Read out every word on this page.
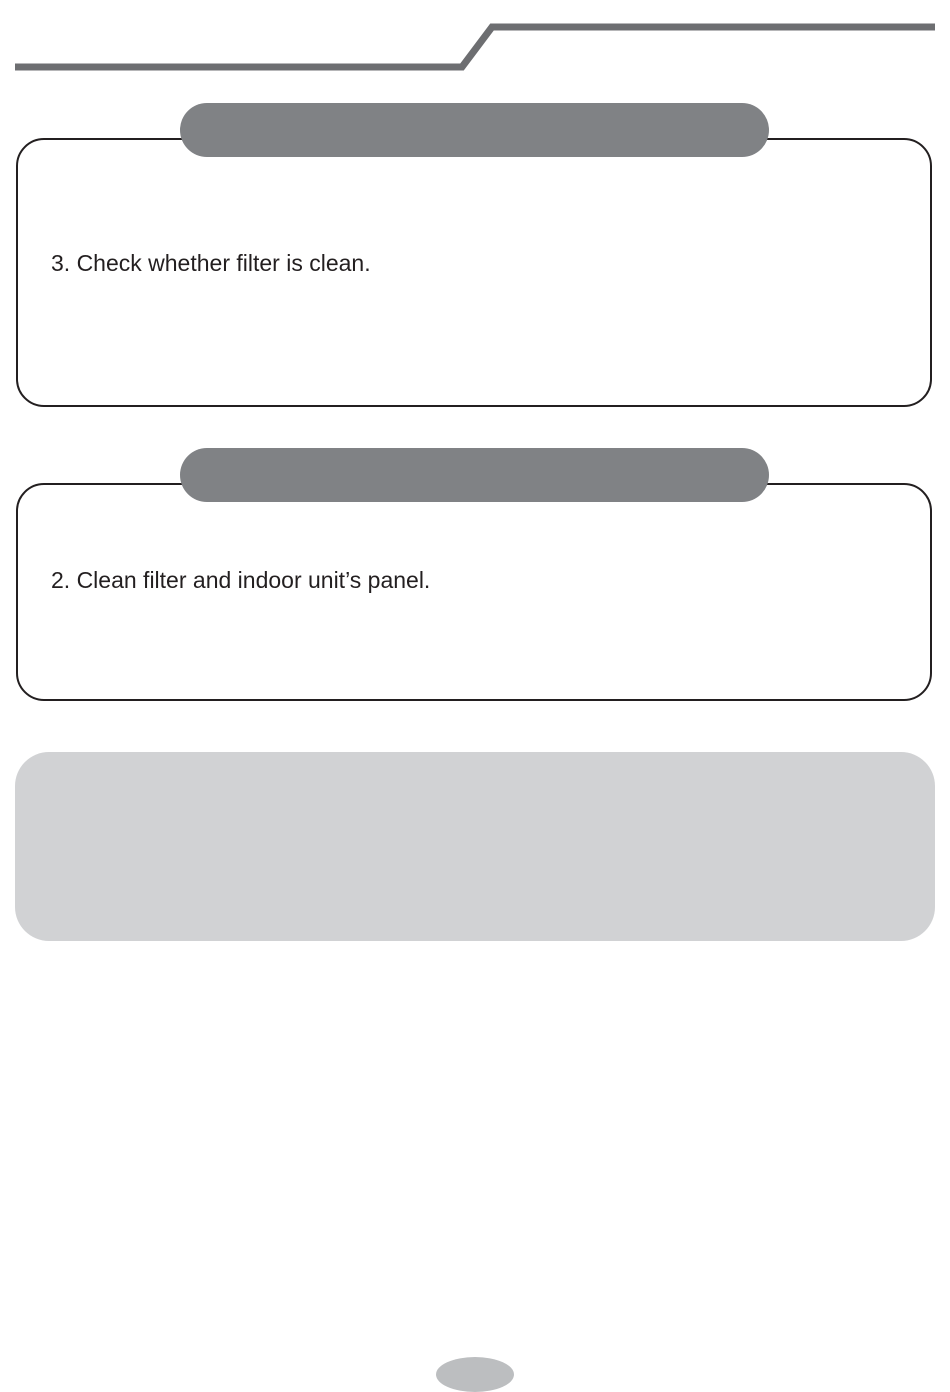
3. Check whether filter is clean.
2. Clean filter and indoor unit’s panel.
